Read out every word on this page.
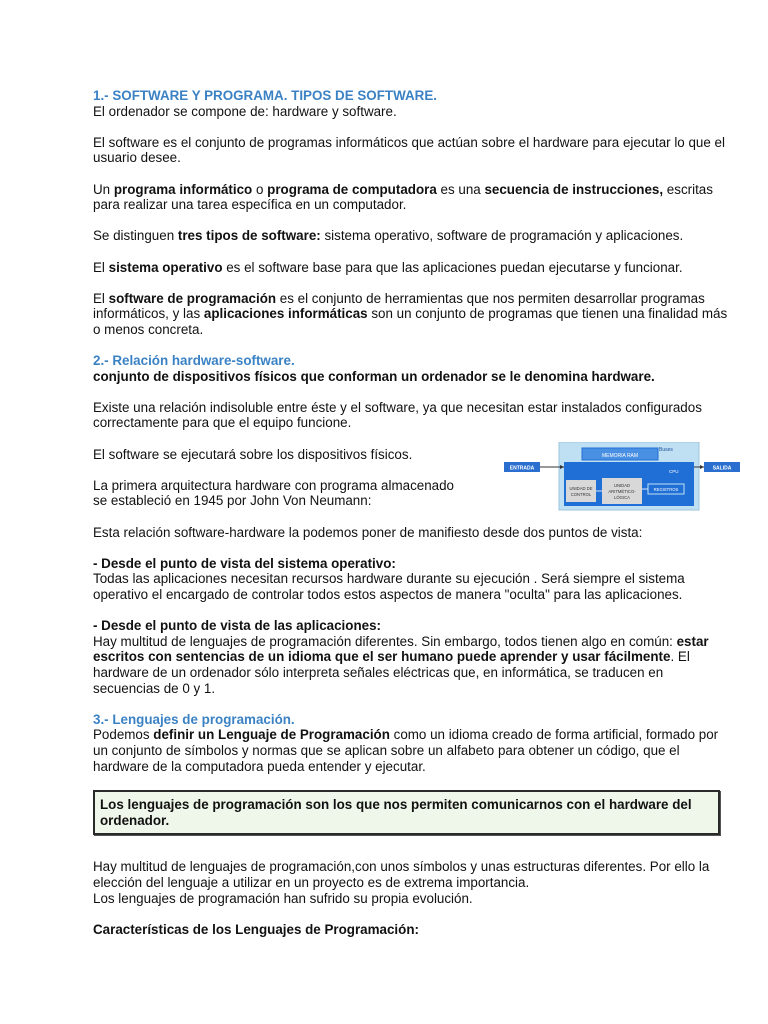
1.- SOFTWARE Y PROGRAMA. TIPOS DE SOFTWARE.

El ordenador se compone de: hardware y software.

El software es el conjunto de programas informáticos que actúan sobre el hardware para ejecutar lo que el usuario desee.

Un programa informático o programa de computadora es una secuencia de instrucciones, escritas para realizar una tarea específica en un computador.

Se distinguen tres tipos de software: sistema operativo, software de programación y aplicaciones.

El sistema operativo es el software base para que las aplicaciones puedan ejecutarse y funcionar.

El software de programación es el conjunto de herramientas que nos permiten desarrollar programas informáticos, y las aplicaciones informáticas son un conjunto de programas que tienen una finalidad más o menos concreta.

2.- Relación hardware-software.

conjunto de dispositivos físicos que conforman un ordenador se le denomina hardware.

Existe una relación indisoluble entre éste y el software, ya que necesitan estar instalados configurados correctamente para que el equipo funcione.

El software se ejecutará sobre los dispositivos físicos.

La primera arquitectura hardware con programa almacenado

se estableció en 1945 por John Von Neumann:

Esta relación software-hardware la podemos poner de manifiesto desde dos puntos de vista:

- Desde el punto de vista del sistema operativo:

Todas las aplicaciones necesitan recursos hardware durante su ejecución . Será siempre el sistema operativo el encargado de controlar todos estos aspectos de manera "oculta" para las aplicaciones.

- Desde el punto de vista de las aplicaciones:

Hay multitud de lenguajes de programación diferentes. Sin embargo, todos tienen algo en común: estar escritos con sentencias de un idioma que el ser humano puede aprender y usar fácilmente. El hardware de un ordenador sólo interpreta señales eléctricas que, en informática, se traducen en secuencias de 0 y 1.

3.- Lenguajes de programación.

Podemos definir un Lenguaje de Programación como un idioma creado de forma artificial, formado por un conjunto de símbolos y normas que se aplican sobre un alfabeto para obtener un código, que el hardware de la computadora pueda entender y ejecutar.

Los lenguajes de programación son los que nos permiten comunicarnos con el hardware del ordenador.

Hay multitud de lenguajes de programación,con unos símbolos y unas estructuras diferentes. Por ello la elección del lenguaje a utilizar en un proyecto es de extrema importancia.

Los lenguajes de programación han sufrido su propia evolución.

Características de los Lenguajes de Programación:

MEMORIA RAM
Buses
CPU
UNIDAD DE
CONTROL
UNIDAD
ARITMÉTICO-
LÓGICA
REGISTROS
ENTRADA	SALIDA
